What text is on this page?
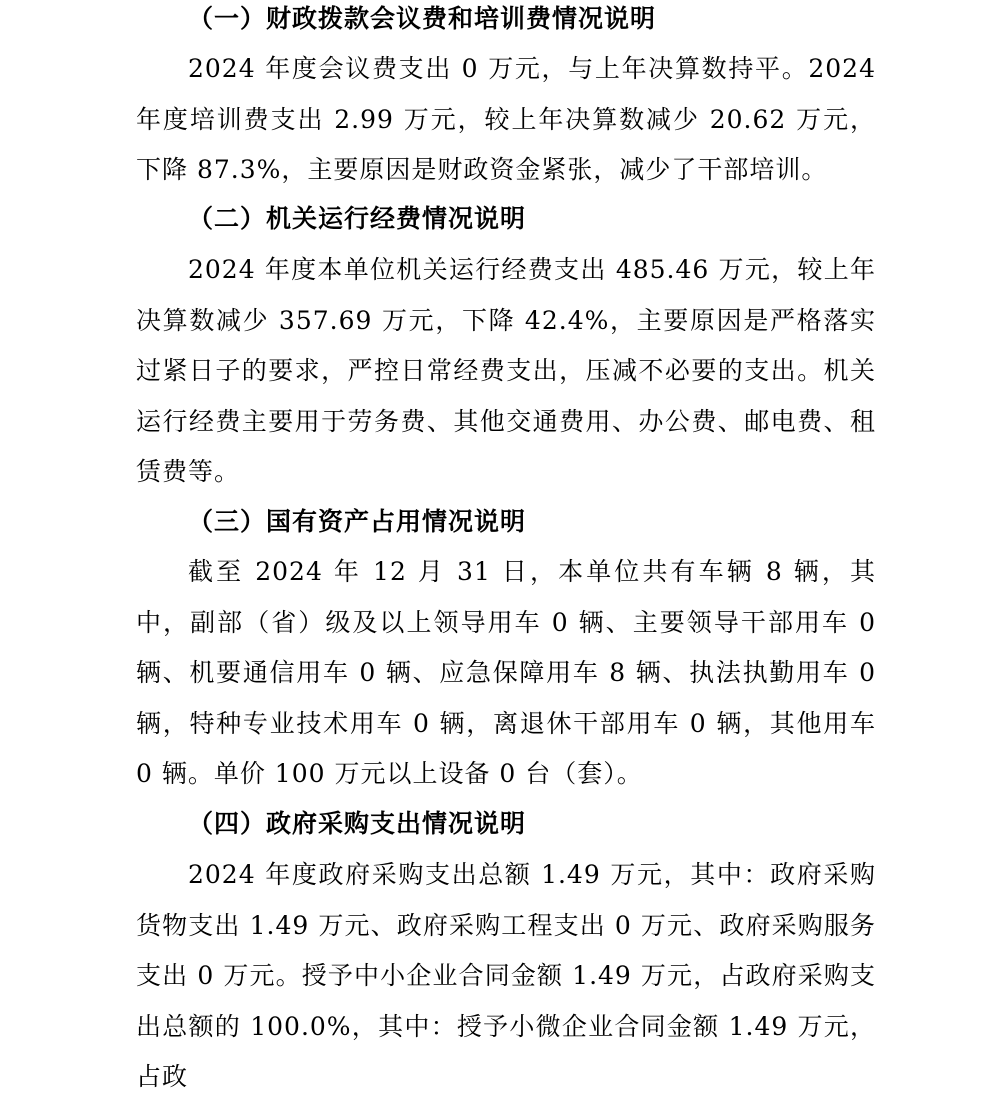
（一）财政拨款会议费和培训费情况说明

2024 年度会议费支出 0 万元，与上年决算数持平。2024 年度培训费支出 2.99 万元，较上年决算数减少 20.62 万元，下降 87.3%，主要原因是财政资金紧张，减少了干部培训。

（二）机关运行经费情况说明

2024 年度本单位机关运行经费支出 485.46 万元，较上年决算数减少 357.69 万元，下降 42.4%，主要原因是严格落实过紧日子的要求，严控日常经费支出，压减不必要的支出。机关运行经费主要用于劳务费、其他交通费用、办公费、邮电费、租赁费等。

（三）国有资产占用情况说明

截至 2024 年 12 月 31 日，本单位共有车辆 8 辆，其中，副部（省）级及以上领导用车 0 辆、主要领导干部用车 0 辆、机要通信用车 0 辆、应急保障用车 8 辆、执法执勤用车 0 辆，特种专业技术用车 0 辆，离退休干部用车 0 辆，其他用车 0 辆。单价 100 万元以上设备 0 台（套）。

（四）政府采购支出情况说明

2024 年度政府采购支出总额 1.49 万元，其中：政府采购货物支出 1.49 万元、政府采购工程支出 0 万元、政府采购服务支出 0 万元。授予中小企业合同金额 1.49 万元，占政府采购支出总额的 100.0%，其中：授予小微企业合同金额 1.49 万元，占政
